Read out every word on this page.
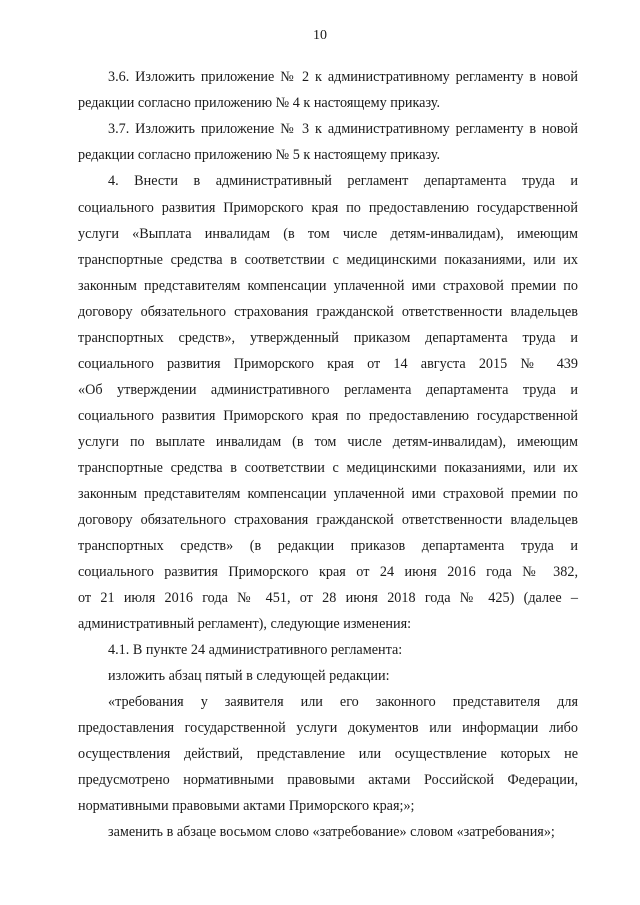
10
3.6. Изложить приложение № 2 к административному регламенту в новой
редакции согласно приложению № 4 к настоящему приказу.
3.7. Изложить приложение № 3 к административному регламенту в новой
редакции согласно приложению № 5 к настоящему приказу.
4. Внести в административный регламент департамента труда и
социального развития Приморского края по предоставлению государственной
услуги «Выплата инвалидам (в том числе детям-инвалидам), имеющим
транспортные средства в соответствии с медицинскими показаниями, или их
законным представителям компенсации уплаченной ими страховой премии по
договору обязательного страхования гражданской ответственности владельцев
транспортных средств», утвержденный приказом департамента труда и
социального развития Приморского края от 14 августа 2015 № 439
«Об утверждении административного регламента департамента труда и
социального развития Приморского края по предоставлению государственной
услуги по выплате инвалидам (в том числе детям-инвалидам), имеющим
транспортные средства в соответствии с медицинскими показаниями, или их
законным представителям компенсации уплаченной ими страховой премии по
договору обязательного страхования гражданской ответственности владельцев
транспортных средств» (в редакции приказов департамента труда и
социального развития Приморского края от 24 июня 2016 года № 382,
от 21 июля 2016 года № 451, от 28 июня 2018 года № 425) (далее –
административный регламент), следующие изменения:
4.1. В пункте 24 административного регламента:
изложить абзац пятый в следующей редакции:
«требования у заявителя или его законного представителя для
предоставления государственной услуги документов или информации либо
осуществления действий, представление или осуществление которых не
предусмотрено нормативными правовыми актами Российской Федерации,
нормативными правовыми актами Приморского края;»;
заменить в абзаце восьмом слово «затребование» словом «затребования»;
